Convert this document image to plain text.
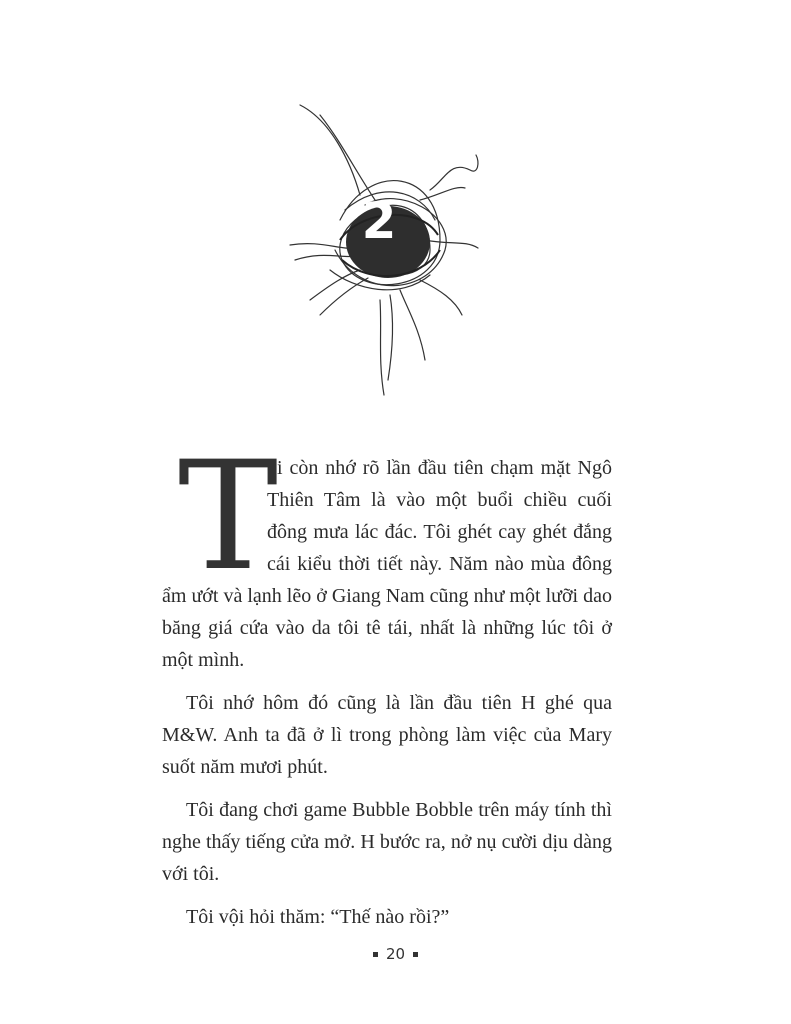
2

T
ôi còn nhớ rõ lần đầu tiên chạm mặt Ngô Thiên Tâm là vào một buổi chiều cuối đông mưa lác đác. Tôi ghét cay ghét đắng cái kiểu thời tiết này. Năm nào mùa đông ẩm ướt và lạnh lẽo ở Giang Nam cũng như một lưỡi dao băng giá cứa vào da tôi tê tái, nhất là những lúc tôi ở một mình.

Tôi nhớ hôm đó cũng là lần đầu tiên H ghé qua M&W. Anh ta đã ở lì trong phòng làm việc của Mary suốt năm mươi phút.

Tôi đang chơi game Bubble Bobble trên máy tính thì nghe thấy tiếng cửa mở. H bước ra, nở nụ cười dịu dàng với tôi.

Tôi vội hỏi thăm: “Thế nào rồi?”

20
